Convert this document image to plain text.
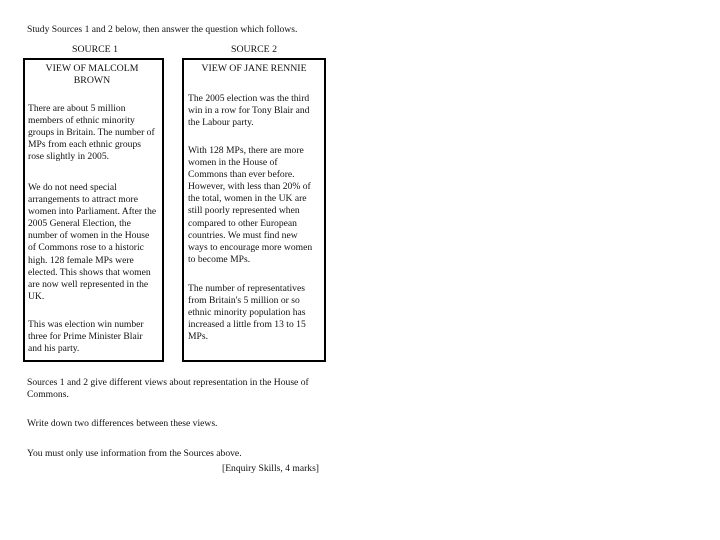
Study Sources 1 and 2 below, then answer the question which follows.
SOURCE 1	SOURCE 2
VIEW OF MALCOLM BROWN

There are about 5 million members of ethnic minority groups in Britain. The number of MPs from each ethnic groups rose slightly in 2005.

We do not need special arrangements to attract more women into Parliament. After the 2005 General Election, the number of women in the House of Commons rose to a historic high. 128 female MPs were elected. This shows that women are now well represented in the UK.

This was election win number three for Prime Minister Blair and his party.

VIEW OF JANE RENNIE

The 2005 election was the third win in a row for Tony Blair and the Labour party.

With 128 MPs, there are more women in the House of Commons than ever before. However, with less than 20% of the total, women in the UK are still poorly represented when compared to other European countries. We must find new ways to encourage more women to become MPs.

The number of representatives from Britain's 5 million or so ethnic minority population has increased a little from 13 to 15 MPs.

Sources 1 and 2 give different views about representation in the House of Commons.

Write down two differences between these views.
You must only use information from the Sources above.
[Enquiry Skills, 4 marks]
